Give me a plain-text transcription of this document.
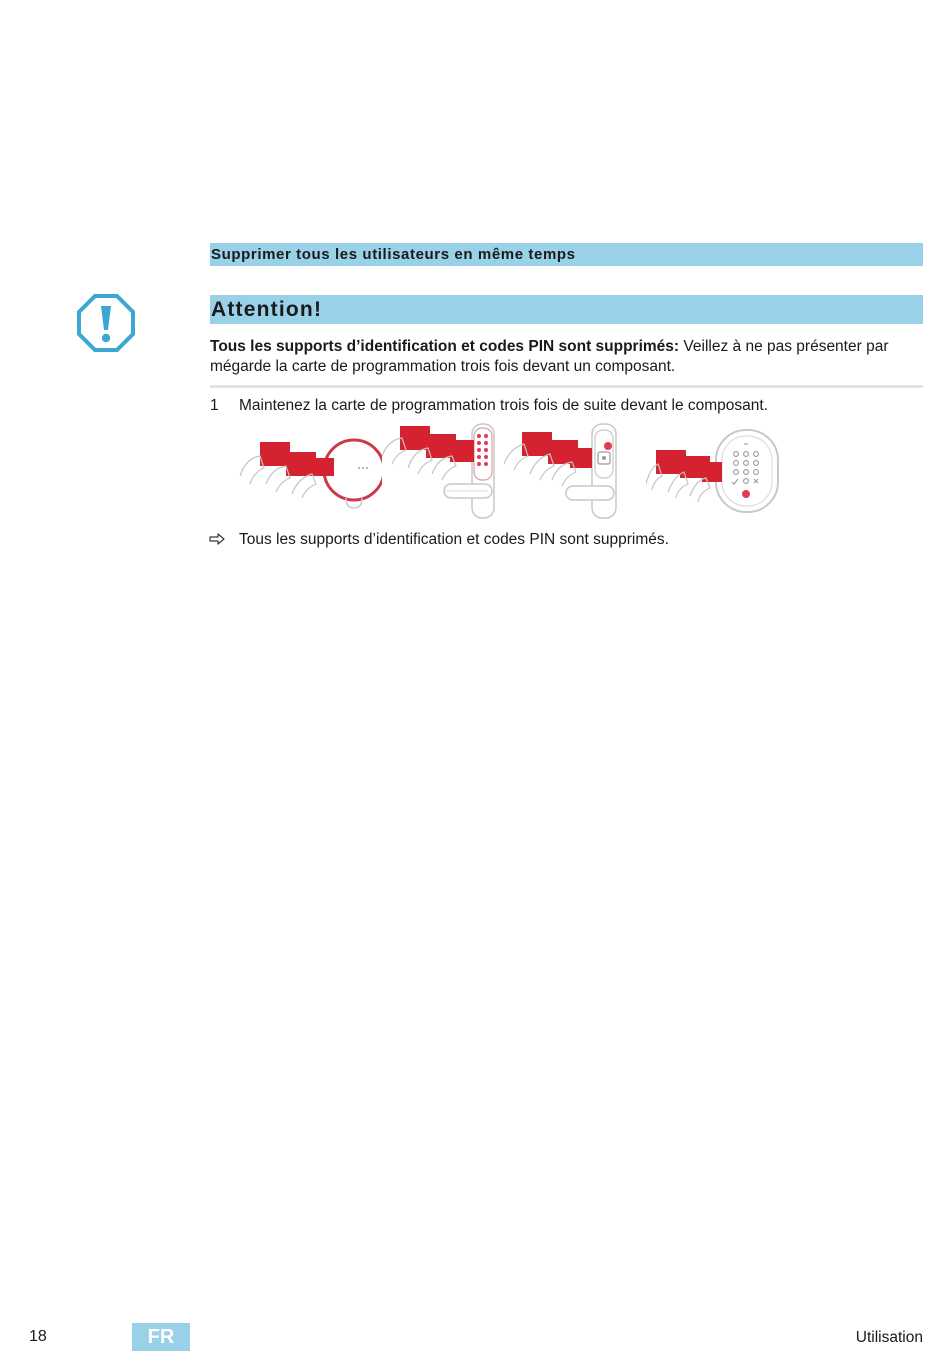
Supprimer tous les utilisateurs en même temps
Attention!
Tous les supports d’identification et codes PIN sont supprimés: Veillez à ne pas présenter par mégarde la carte de programmation trois fois devant un composant.
1 Maintenez la carte de programmation trois fois de suite devant le composant.
Tous les supports d’identification et codes PIN sont supprimés.
18	FR	Utilisation
